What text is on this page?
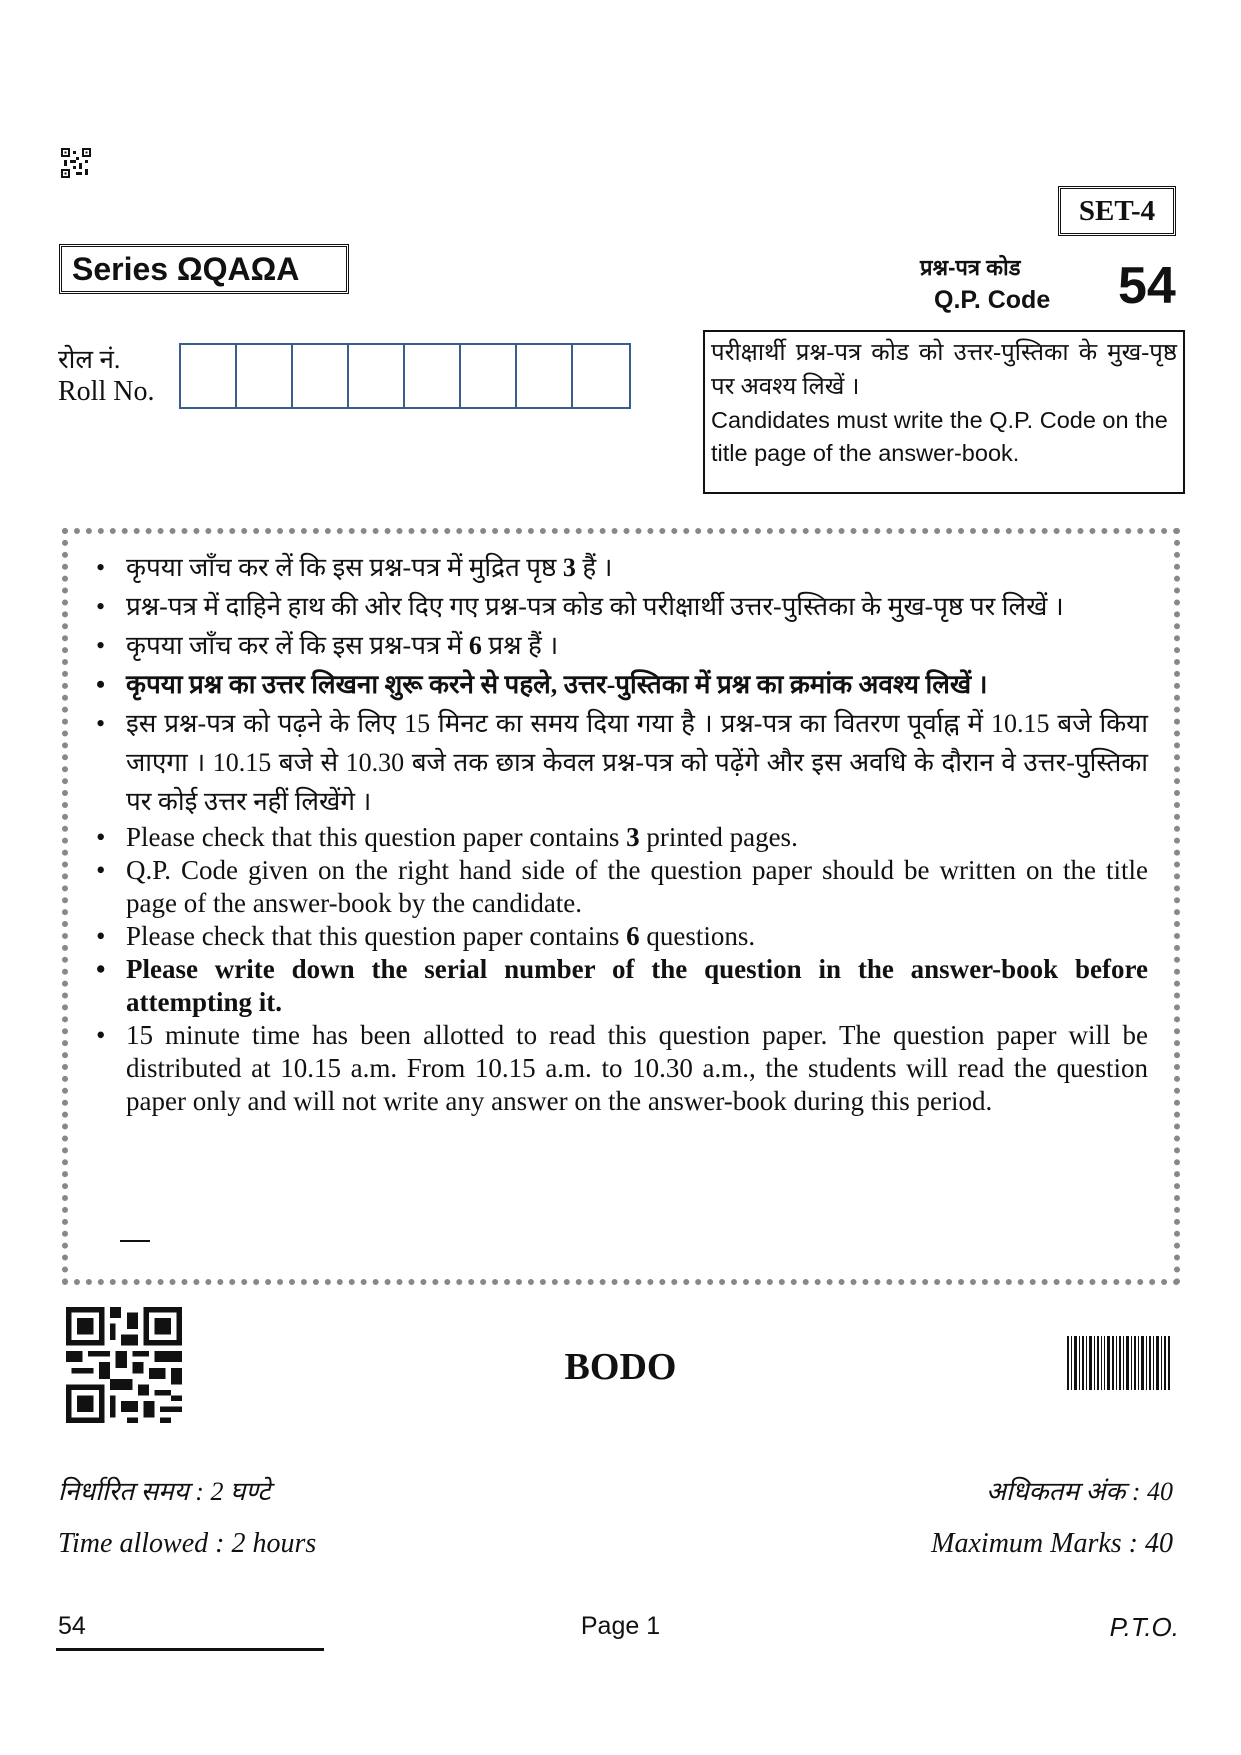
SET-4
Series ΩQAΩA	प्रश्न-पत्र कोड
Q.P. Code 54
रोल नं.
Roll No.
परीक्षार्थी प्रश्न-पत्र कोड को उत्तर-पुस्तिका के मुख-पृष्ठ पर अवश्य लिखें ।
Candidates must write the Q.P. Code on the title page of the answer-book.
• कृपया जाँच कर लें कि इस प्रश्न-पत्र में मुद्रित पृष्ठ 3 हैं ।
• प्रश्न-पत्र में दाहिने हाथ की ओर दिए गए प्रश्न-पत्र कोड को परीक्षार्थी उत्तर-पुस्तिका के मुख-पृष्ठ पर लिखें ।
• कृपया जाँच कर लें कि इस प्रश्न-पत्र में 6 प्रश्न हैं ।
• कृपया प्रश्न का उत्तर लिखना शुरू करने से पहले, उत्तर-पुस्तिका में प्रश्न का क्रमांक अवश्य लिखें ।
• इस प्रश्न-पत्र को पढ़ने के लिए 15 मिनट का समय दिया गया है । प्रश्न-पत्र का वितरण पूर्वाह्न में 10.15 बजे किया जाएगा । 10.15 बजे से 10.30 बजे तक छात्र केवल प्रश्न-पत्र को पढ़ेंगे और इस अवधि के दौरान वे उत्तर-पुस्तिका पर कोई उत्तर नहीं लिखेंगे ।
• Please check that this question paper contains 3 printed pages.
• Q.P. Code given on the right hand side of the question paper should be written on the title page of the answer-book by the candidate.
• Please check that this question paper contains 6 questions.
• Please write down the serial number of the question in the answer-book before attempting it.
• 15 minute time has been allotted to read this question paper. The question paper will be distributed at 10.15 a.m. From 10.15 a.m. to 10.30 a.m., the students will read the question paper only and will not write any answer on the answer-book during this period.
BODO
निर्धारित समय : 2 घण्टे
Time allowed : 2 hours
अधिकतम अंक : 40
Maximum Marks : 40
54	Page 1	P.T.O.
